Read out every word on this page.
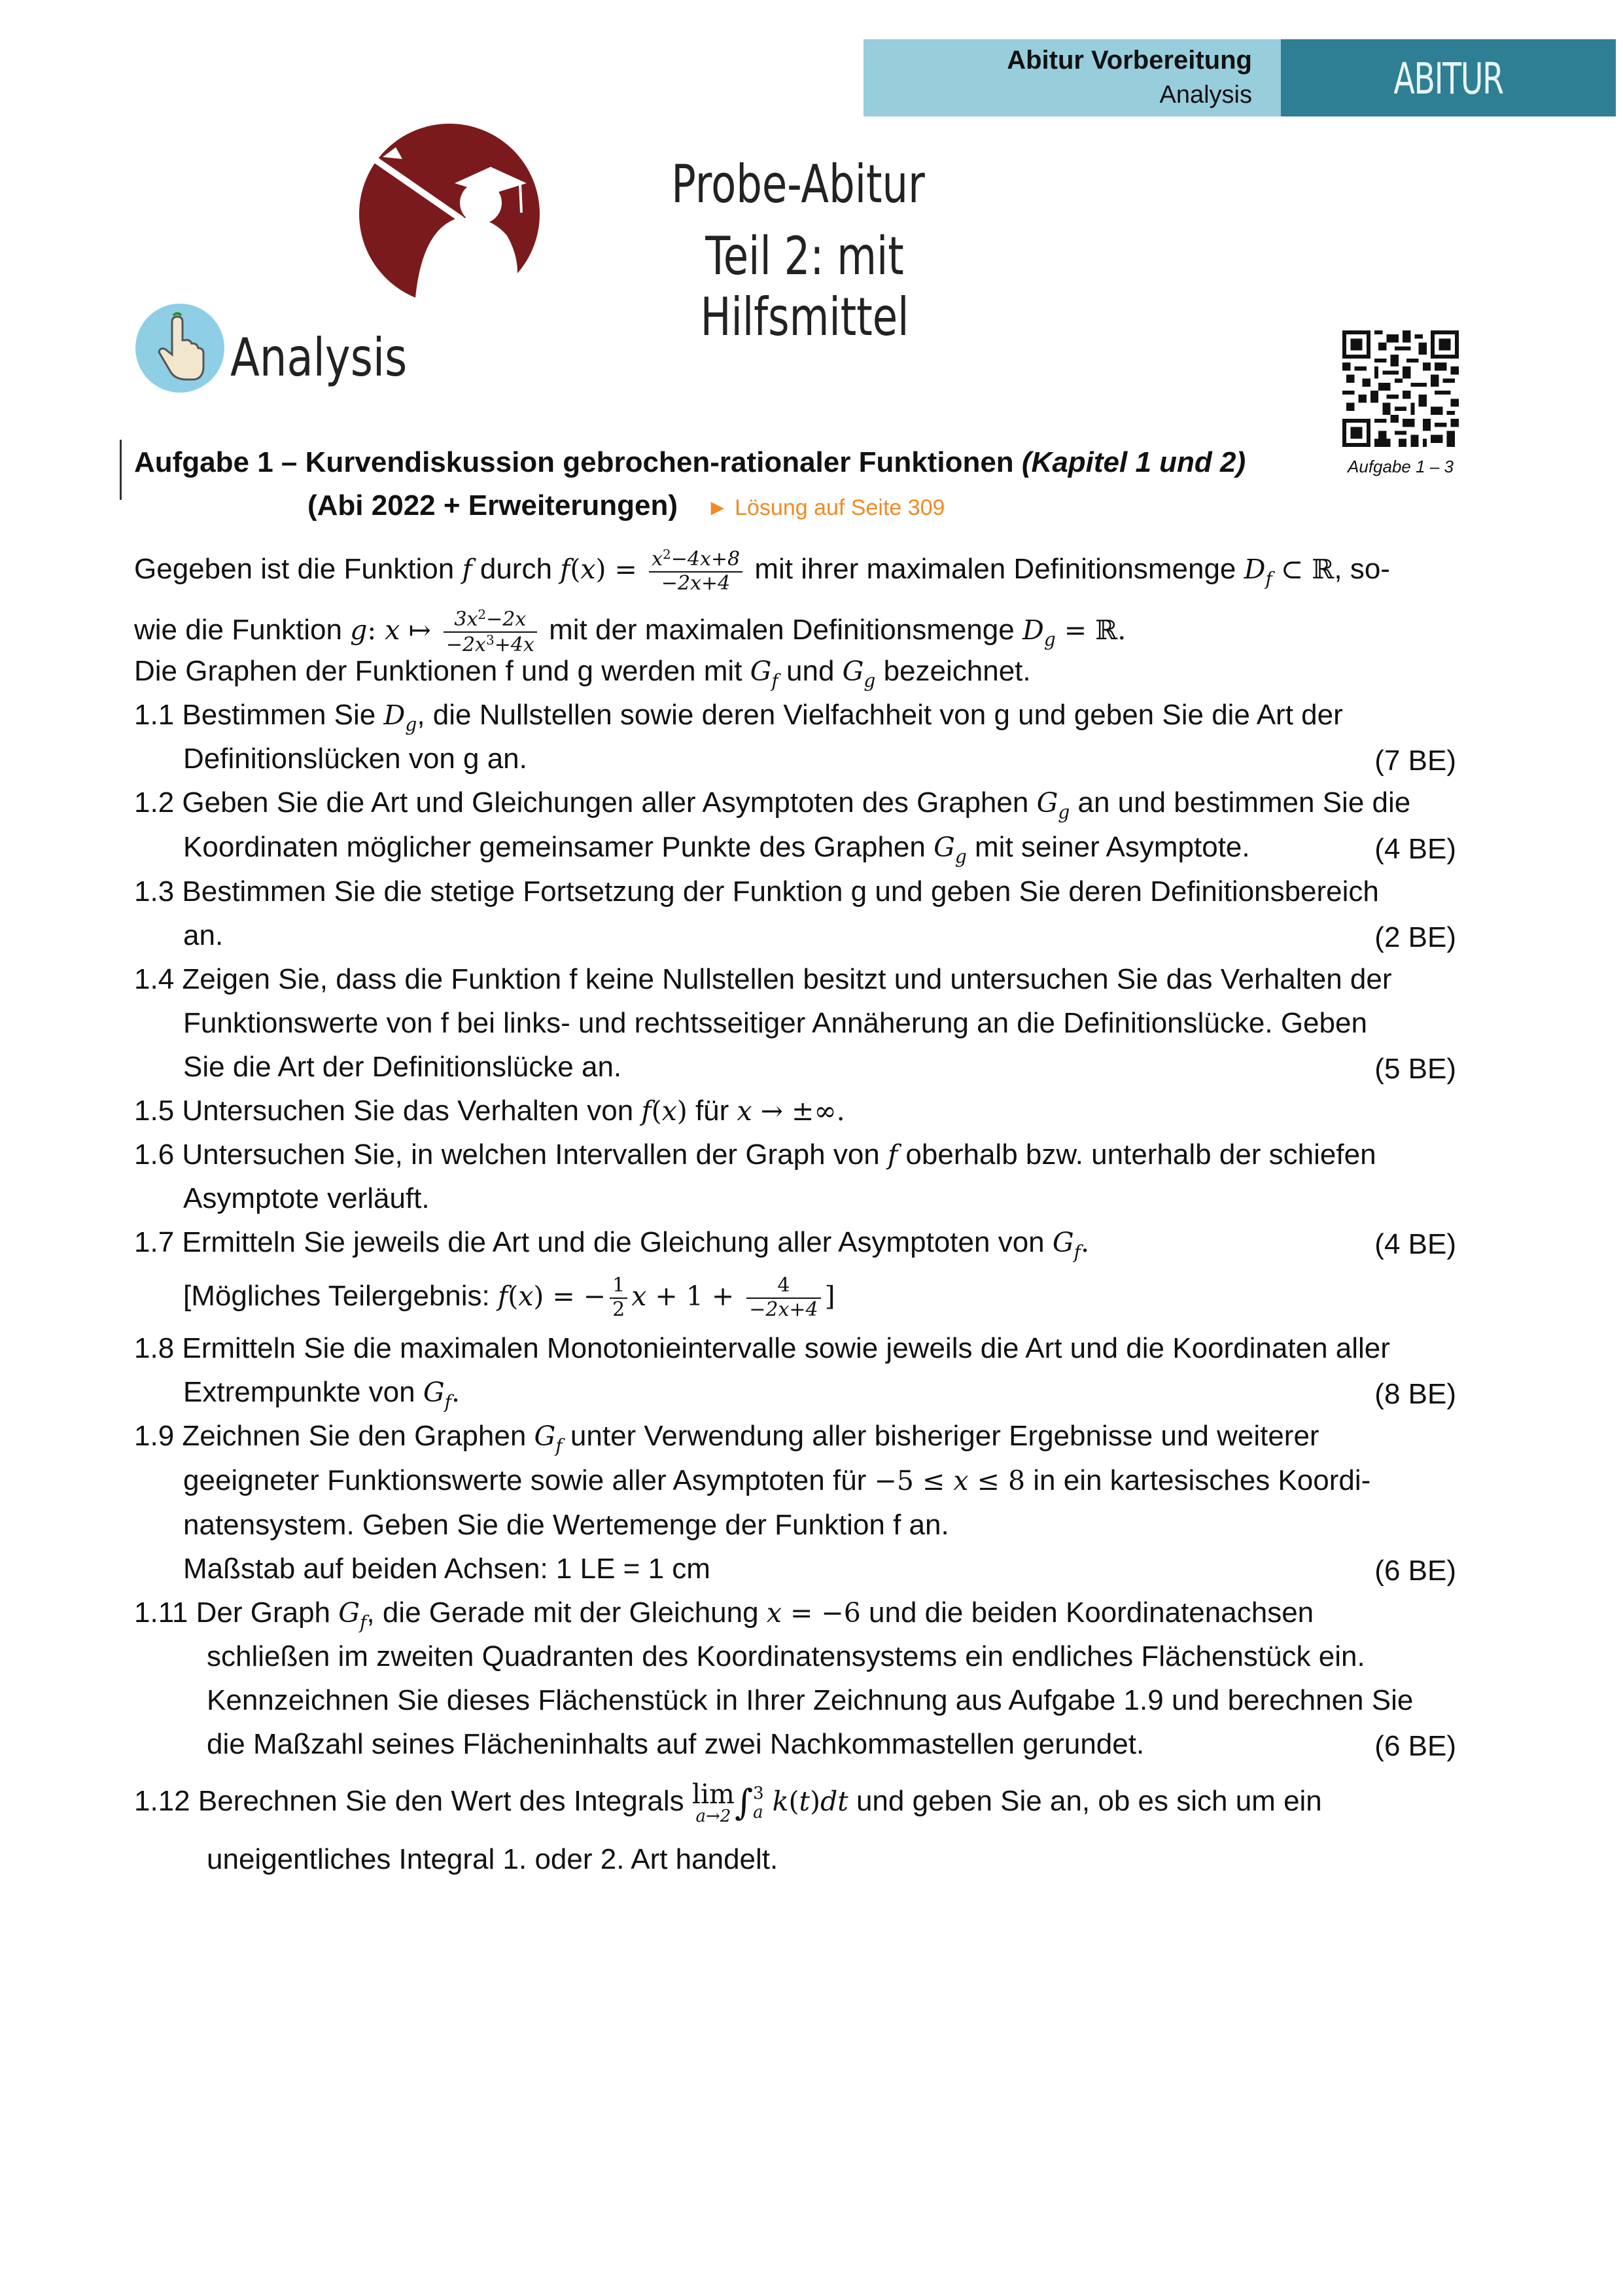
Abitur Vorbereitung
Analysis	ABITUR
Probe-Abitur
Teil 2: mit Hilfsmittel
Analysis
Aufgabe 1 – 3
Aufgabe 1 – Kurvendiskussion gebrochen-rationaler Funktionen (Kapitel 1 und 2)
(Abi 2022 + Erweiterungen) ► Lösung auf Seite 309
Gegeben ist die Funktion f durch $f(x) = \frac{x^2-4x+8}{-2x+4}$ mit ihrer maximalen Definitionsmenge $D_f$ ⊂ ℝ, so-
wie die Funktion g: x ↦ $\frac{3x^2-2x}{-2x^3+4x}$ mit der maximalen Definitionsmenge $D_g$ = ℝ.
Die Graphen der Funktionen f und g werden mit $G_f$ und $G_g$ bezeichnet.
1.1 Bestimmen Sie $D_g$, die Nullstellen sowie deren Vielfachheit von g und geben Sie die Art der
Definitionslücken von g an.	(7 BE)
1.2 Geben Sie die Art und Gleichungen aller Asymptoten des Graphen $G_g$ an und bestimmen Sie die
Koordinaten möglicher gemeinsamer Punkte des Graphen $G_g$ mit seiner Asymptote.	(4 BE)
1.3 Bestimmen Sie die stetige Fortsetzung der Funktion g und geben Sie deren Definitionsbereich
an.	(2 BE)
1.4 Zeigen Sie, dass die Funktion f keine Nullstellen besitzt und untersuchen Sie das Verhalten der
Funktionswerte von f bei links- und rechtsseitiger Annäherung an die Definitionslücke. Geben
Sie die Art der Definitionslücke an.	(5 BE)
1.5 Untersuchen Sie das Verhalten von f(x) für x → ±∞.
1.6 Untersuchen Sie, in welchen Intervallen der Graph von f oberhalb bzw. unterhalb der schiefen
Asymptote verläuft.
1.7 Ermitteln Sie jeweils die Art und die Gleichung aller Asymptoten von $G_f$.	(4 BE)
[Mögliches Teilergebnis: f(x) = − $\frac{1}{2}$ $x + 1 + \frac{4}{-2x+4}$ ]
1.8 Ermitteln Sie die maximalen Monotonieintervalle sowie jeweils die Art und die Koordinaten aller
Extrempunkte von $G_f$.	(8 BE)
1.9 Zeichnen Sie den Graphen $G_f$ unter Verwendung aller bisheriger Ergebnisse und weiterer
geeigneter Funktionswerte sowie aller Asymptoten für −5 ≤ x ≤ 8 in ein kartesisches Koordi-
natensystem. Geben Sie die Wertemenge der Funktion f an.
Maßstab auf beiden Achsen: 1 LE = 1 cm	(6 BE)
1.11 Der Graph $G_f$, die Gerade mit der Gleichung x = −6 und die beiden Koordinatenachsen
schließen im zweiten Quadranten des Koordinatensystems ein endliches Flächenstück ein.
Kennzeichnen Sie dieses Flächenstück in Ihrer Zeichnung aus Aufgabe 1.9 und berechnen Sie
die Maßzahl seines Flächeninhalts auf zwei Nachkommastellen gerundet.	(6 BE)
1.12 Berechnen Sie den Wert des Integrals lim
a→2 ∫ 3
a k(t)dt und geben Sie an, ob es sich um ein
uneigentliches Integral 1. oder 2. Art handelt.
